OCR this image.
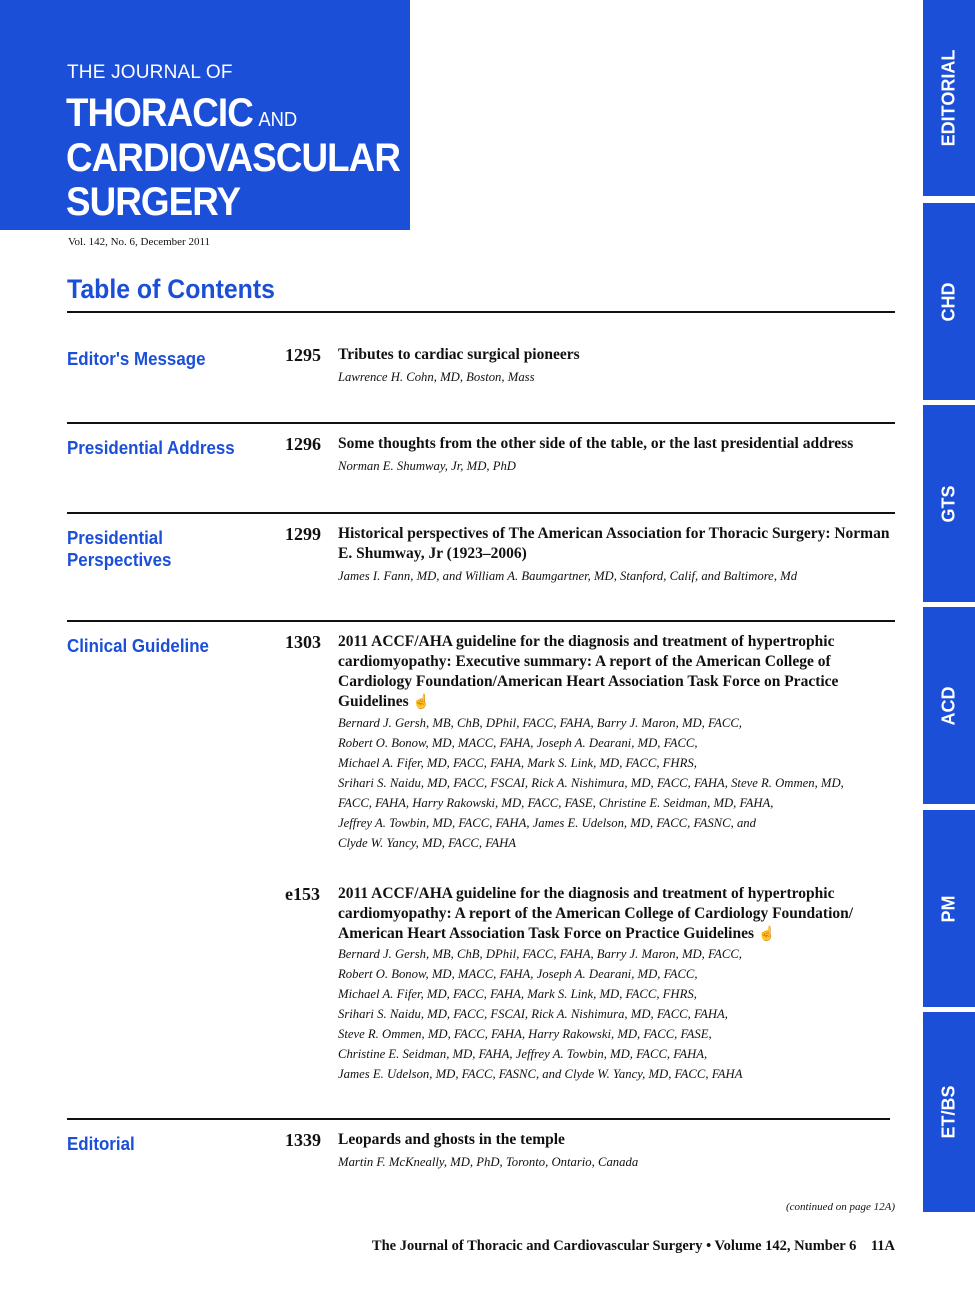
THE JOURNAL OF
THORACIC AND
CARDIOVASCULAR
SURGERY
Vol. 142, No. 6, December 2011
Table of Contents
Editor's Message	1295 Tributes to cardiac surgical pioneers
Lawrence H. Cohn, MD, Boston, Mass
Presidential Address	1296 Some thoughts from the other side of the table, or the last presidential address
Norman E. Shumway, Jr, MD, PhD
Presidential Perspectives
1299 Historical perspectives of The American Association for Thoracic Surgery: Norman E. Shumway, Jr (1923–2006)
James I. Fann, MD, and William A. Baumgartner, MD, Stanford, Calif, and Baltimore, Md
Clinical Guideline	1303 2011 ACCF/AHA guideline for the diagnosis and treatment of hypertrophic cardiomyopathy: Executive summary: A report of the American College of Cardiology Foundation/American Heart Association Task Force on Practice Guidelines ☝
Bernard J. Gersh, MB, ChB, DPhil, FACC, FAHA, Barry J. Maron, MD, FACC,
Robert O. Bonow, MD, MACC, FAHA, Joseph A. Dearani, MD, FACC,
Michael A. Fifer, MD, FACC, FAHA, Mark S. Link, MD, FACC, FHRS,
Srihari S. Naidu, MD, FACC, FSCAI, Rick A. Nishimura, MD, FACC, FAHA, Steve R. Ommen, MD,
FACC, FAHA, Harry Rakowski, MD, FACC, FASE, Christine E. Seidman, MD, FAHA,
Jeffrey A. Towbin, MD, FACC, FAHA, James E. Udelson, MD, FACC, FASNC, and
Clyde W. Yancy, MD, FACC, FAHA
e153	2011 ACCF/AHA guideline for the diagnosis and treatment of hypertrophic cardiomyopathy: A report of the American College of Cardiology Foundation/ American Heart Association Task Force on Practice Guidelines ☝
Bernard J. Gersh, MB, ChB, DPhil, FACC, FAHA, Barry J. Maron, MD, FACC,
Robert O. Bonow, MD, MACC, FAHA, Joseph A. Dearani, MD, FACC,
Michael A. Fifer, MD, FACC, FAHA, Mark S. Link, MD, FACC, FHRS,
Srihari S. Naidu, MD, FACC, FSCAI, Rick A. Nishimura, MD, FACC, FAHA,
Steve R. Ommen, MD, FACC, FAHA, Harry Rakowski, MD, FACC, FASE,
Christine E. Seidman, MD, FAHA, Jeffrey A. Towbin, MD, FACC, FAHA,
James E. Udelson, MD, FACC, FASNC, and Clyde W. Yancy, MD, FACC, FAHA
Editorial	1339 Leopards and ghosts in the temple
Martin F. McKneally, MD, PhD, Toronto, Ontario, Canada
EDITORIAL
CHD
GTS
ACD
PM
ET/BS
(continued on page 12A)
The Journal of Thoracic and Cardiovascular Surgery • Volume 142, Number 6    11A
